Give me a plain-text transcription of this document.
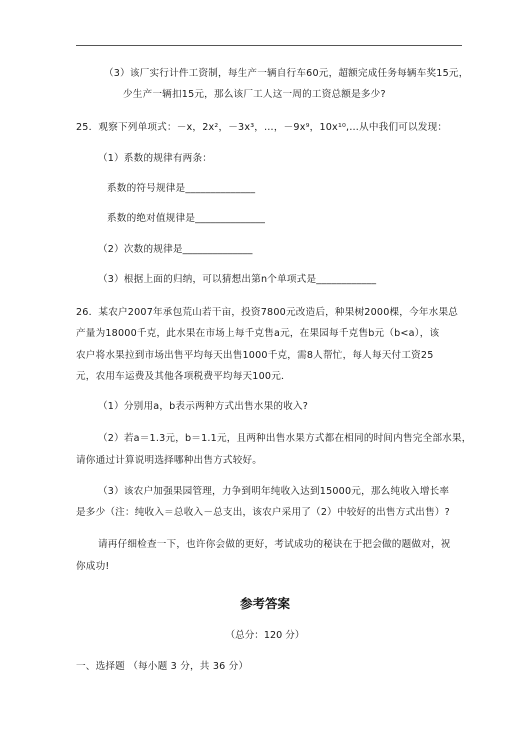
（3）该厂实行计件工资制，每生产一辆自行车60元，超额完成任务每辆车奖15元，
少生产一辆扣15元，那么该厂工人这一周的工资总额是多少?
25．观察下列单项式：－x，2x²，－3x³，…，－9x⁹，10x¹⁰,…从中我们可以发现：
（1）系数的规律有两条：
系数的符号规律是______________
系数的绝对值规律是______________
（2）次数的规律是______________
（3）根据上面的归纳，可以猜想出第n个单项式是____________
26．某农户2007年承包荒山若干亩，投资7800元改造后，种果树2000棵，今年水果总
产量为18000千克，此水果在市场上每千克售a元，在果园每千克售b元（b<a），该
农户将水果拉到市场出售平均每天出售1000千克，需8人帮忙，每人每天付工资25
元，农用车运费及其他各项税费平均每天100元．
（1）分别用a，b表示两种方式出售水果的收入?
（2）若a＝1.3元，b＝1.1元，且两种出售水果方式都在相同的时间内售完全部水果，
请你通过计算说明选择哪种出售方式较好。
（3）该农户加强果园管理，力争到明年纯收入达到15000元，那么纯收入增长率
是多少（注：纯收入＝总收入－总支出，该农户采用了（2）中较好的出售方式出售）?
请再仔细检查一下，也许你会做的更好，考试成功的秘诀在于把会做的题做对，祝
你成功!
参考答案
（总分：120 分）
一、选择题 （每小题 3 分，共 36 分）
